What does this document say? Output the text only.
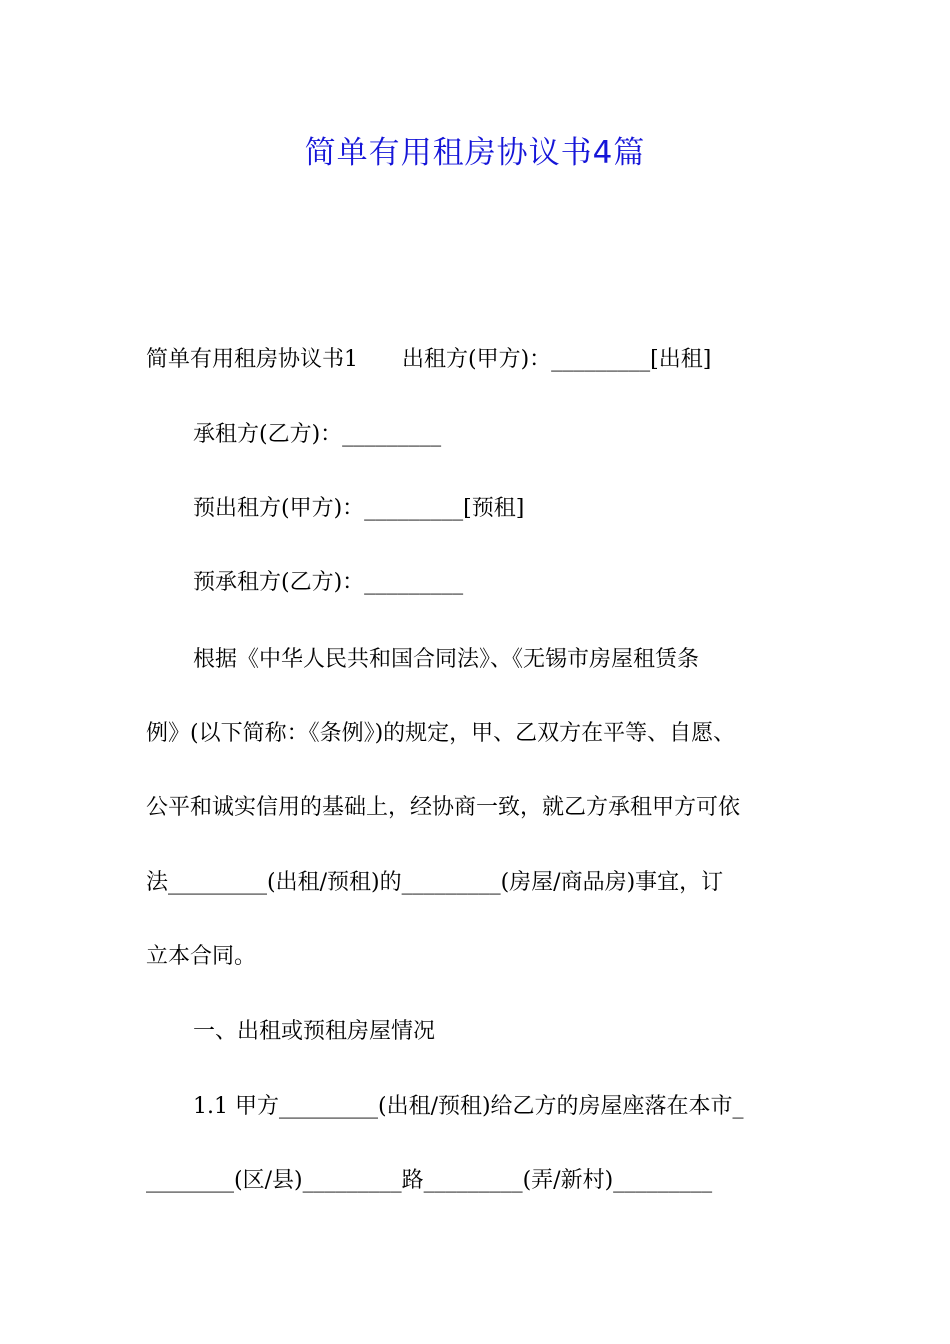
简单有用租房协议书4篇
简单有用租房协议书1　　出租方(甲方)：_________[出租]
承租方(乙方)：_________
预出租方(甲方)：_________[预租]
预承租方(乙方)：_________
根据《中华人民共和国合同法》、《无锡市房屋租赁条
例》(以下简称：《条例》)的规定，甲、乙双方在平等、自愿、
公平和诚实信用的基础上，经协商一致，就乙方承租甲方可依
法_________(出租/预租)的_________(房屋/商品房)事宜，订
立本合同。
一、出租或预租房屋情况
1.1 甲方_________(出租/预租)给乙方的房屋座落在本市_
________(区/县)_________路_________(弄/新村)_________
